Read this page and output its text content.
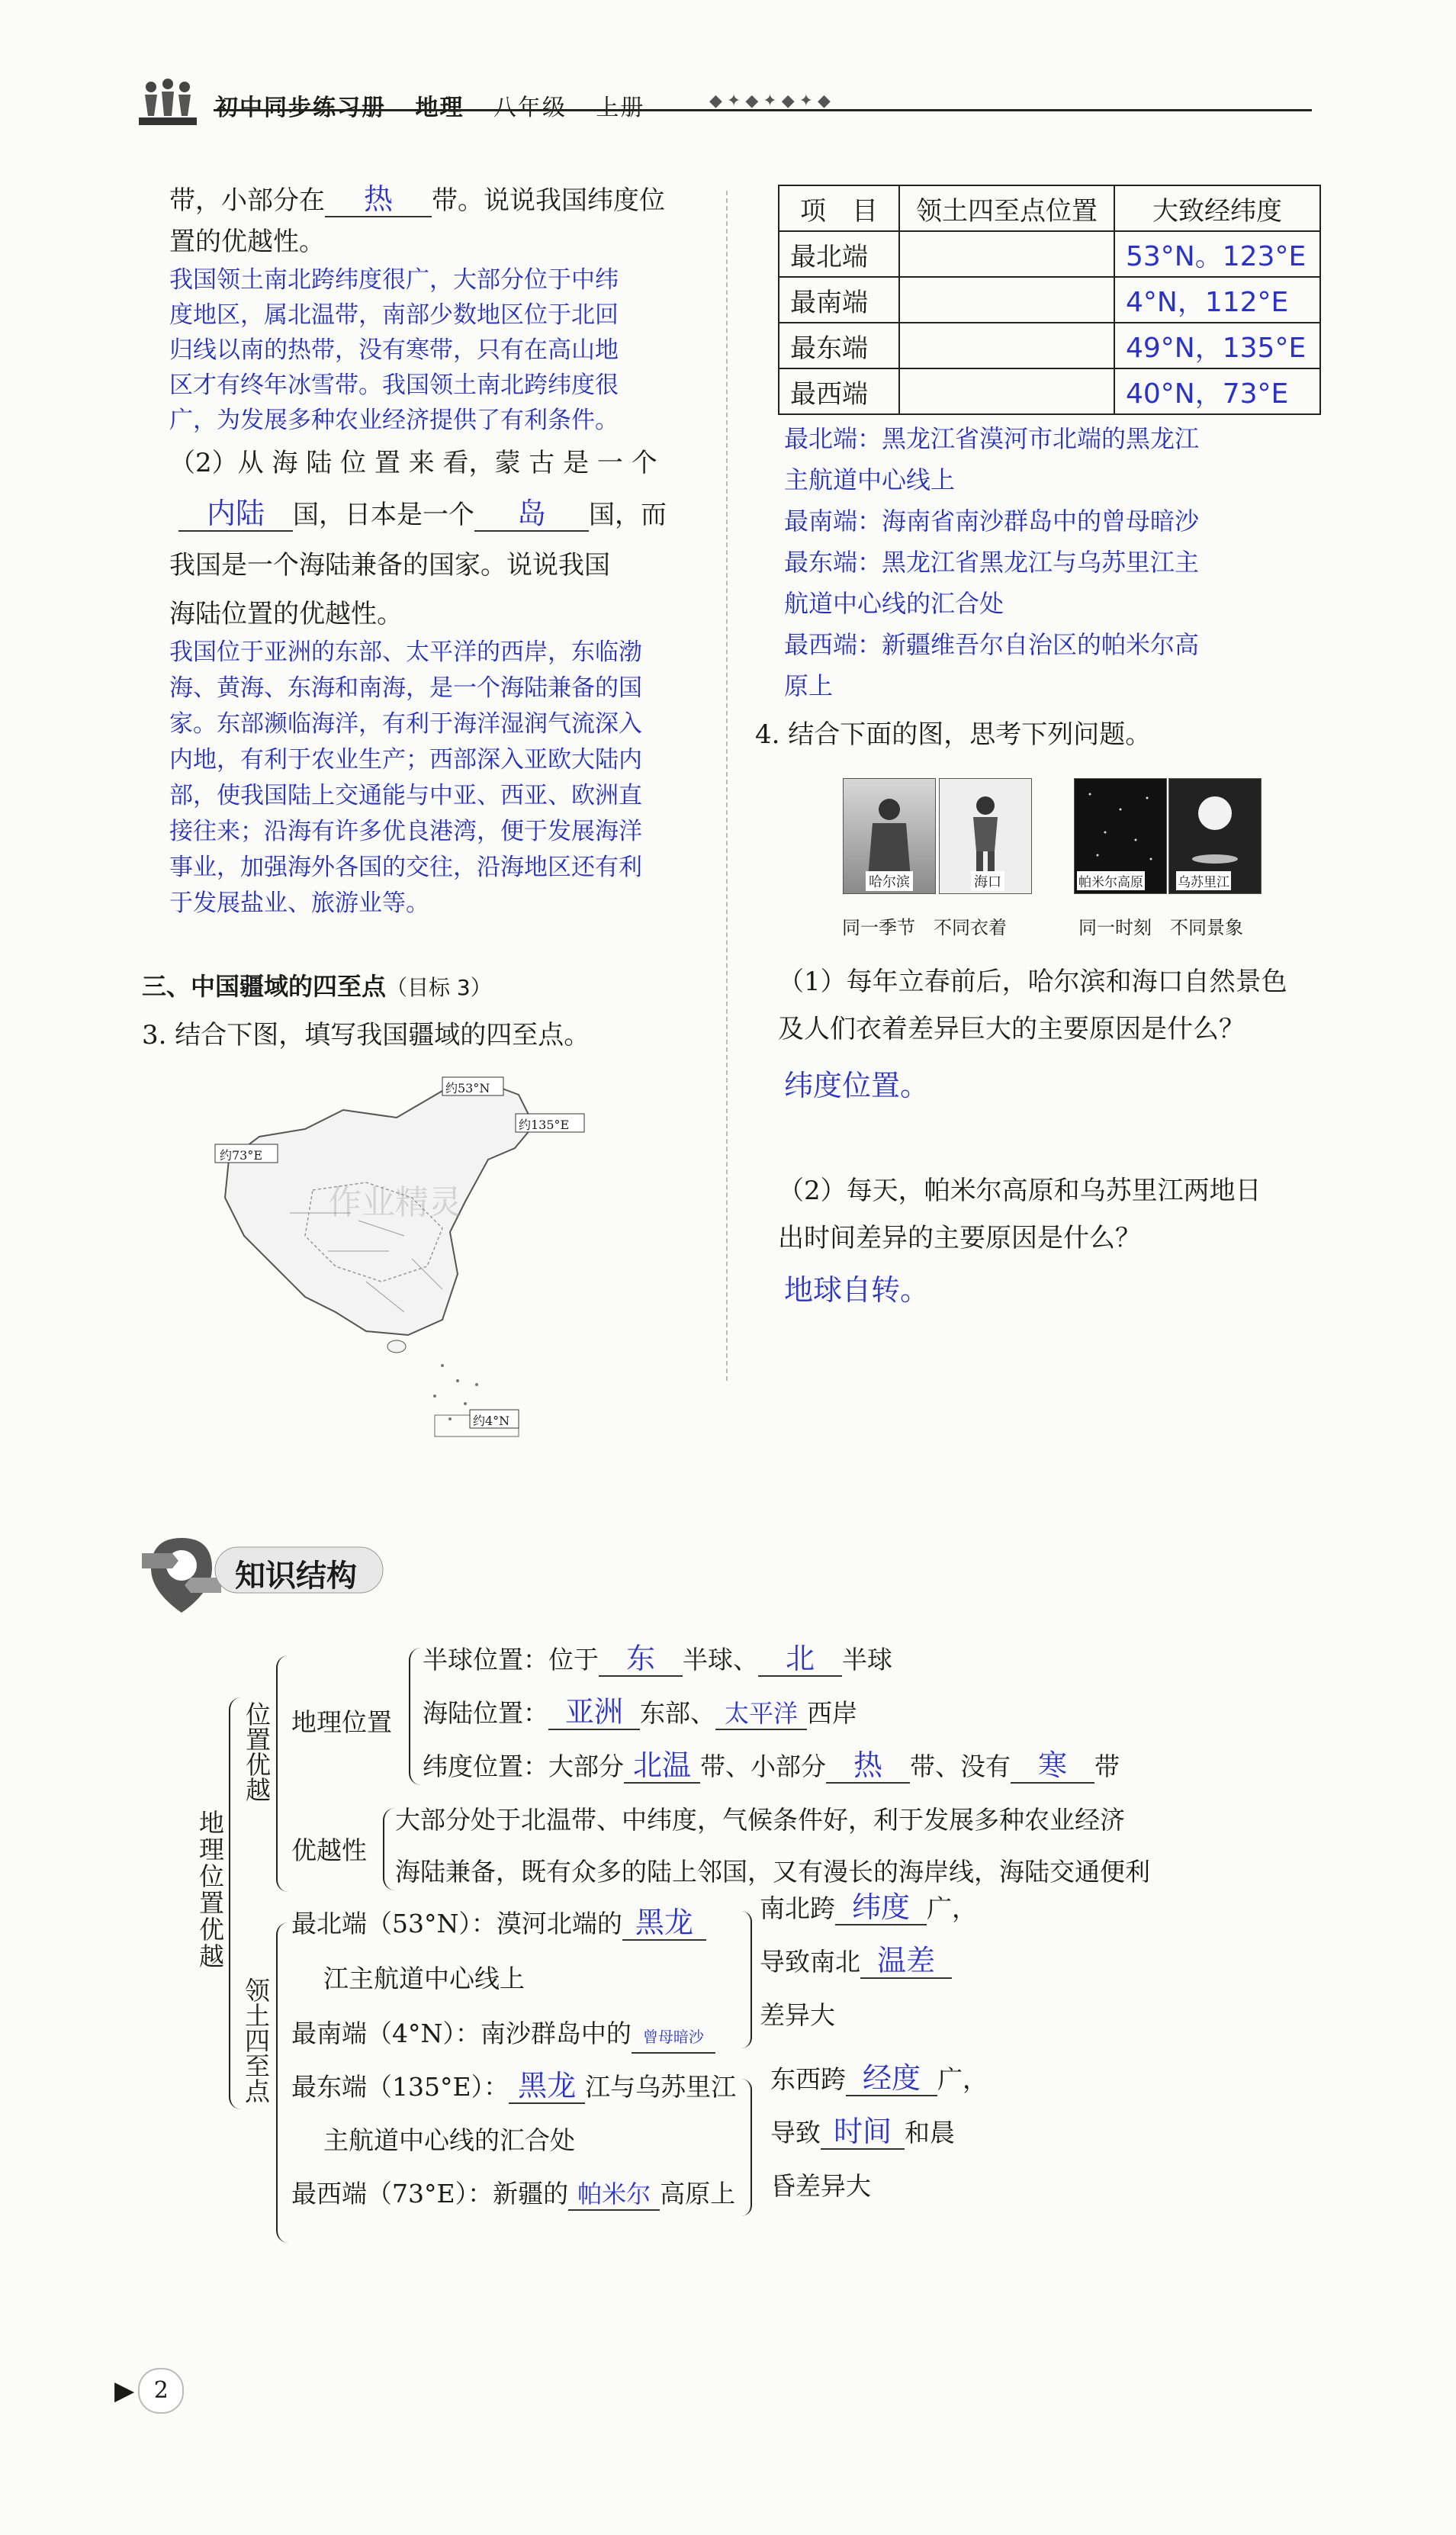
初中同步练习册 地理 八年级 上册	◆✦◆✦◆✦◆
带，小部分在 热 带。说说我国纬度位
置的优越性。
我国领土南北跨纬度很广，大部分位于中纬
度地区，属北温带，南部少数地区位于北回
归线以南的热带，没有寒带，只有在高山地
区才有终年冰雪带。我国领土南北跨纬度很
广，为发展多种农业经济提供了有利条件。
（2）从 海 陆 位 置 来 看，蒙 古 是 一 个
内陆 国，日本是一个 岛 国，而
我国是一个海陆兼备的国家。说说我国
海陆位置的优越性。
我国位于亚洲的东部、太平洋的西岸，东临渤
海、黄海、东海和南海，是一个海陆兼备的国
家。东部濒临海洋，有利于海洋湿润气流深入
内地，有利于农业生产；西部深入亚欧大陆内
部，使我国陆上交通能与中亚、西亚、欧洲直
接往来；沿海有许多优良港湾，便于发展海洋
事业，加强海外各国的交往，沿海地区还有利
于发展盐业、旅游业等。
三、中国疆域的四至点（目标 3）
3. 结合下图，填写我国疆域的四至点。
约53°N
约135°E
约73°E
约4°N
作业精灵
项　目	领土四至点位置	大致经纬度
最北端		53°N。123°E
最南端		4°N，112°E
最东端		49°N，135°E
最西端		40°N，73°E
最北端：黑龙江省漠河市北端的黑龙江
主航道中心线上
最南端：海南省南沙群岛中的曾母暗沙
最东端：黑龙江省黑龙江与乌苏里江主
航道中心线的汇合处
最西端：新疆维吾尔自治区的帕米尔高
原上
4. 结合下面的图，思考下列问题。
哈尔滨	海口
同一季节　不同衣着
帕米尔高原	乌苏里江
同一时刻　不同景象
（1）每年立春前后，哈尔滨和海口自然景色
及人们衣着差异巨大的主要原因是什么？
纬度位置。
（2）每天，帕米尔高原和乌苏里江两地日
出时间差异的主要原因是什么？
地球自转。
知识结构
地理位置优越
位置优越 地理位置
半球位置：位于 东 半球、 北 半球
海陆位置： 亚洲 东部、 太平洋 西岸
纬度位置：大部分 北温 带、小部分 热 带、没有 寒 带
优越性
大部分处于北温带、中纬度，气候条件好，利于发展多种农业经济
海陆兼备，既有众多的陆上邻国，又有漫长的海岸线，海陆交通便利
领土四至点
最北端（53°N）：漠河北端的 黑龙
江主航道中心线上
最南端（4°N）：南沙群岛中的 曾母暗沙
最东端（135°E）： 黑龙 江与乌苏里江
主航道中心线的汇合处
最西端（73°E）：新疆的 帕米尔 高原上
南北跨 纬度 广，
导致南北 温差
差异大
东西跨 经度 广，
导致 时间 和晨
昏差异大
▶ 2
